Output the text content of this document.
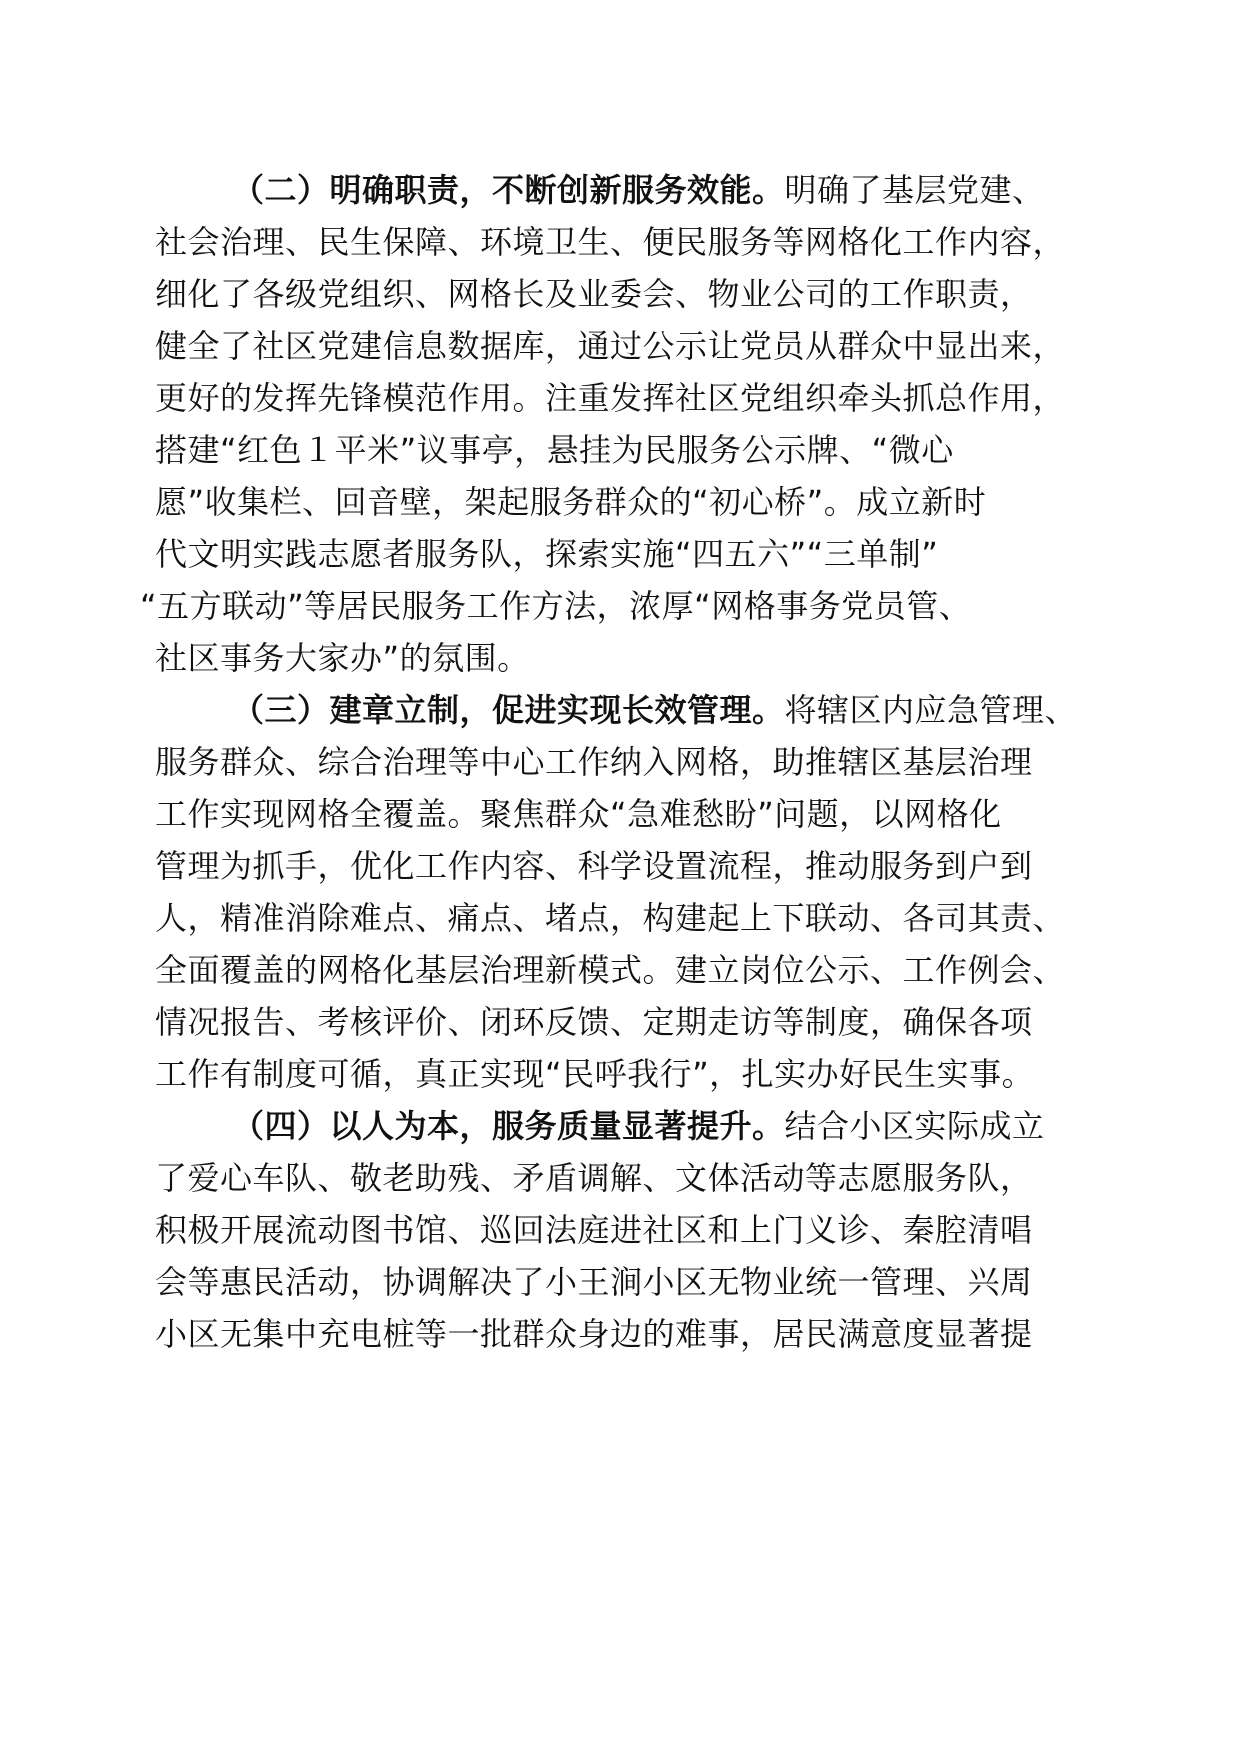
（二）明确职责，不断创新服务效能。明确了基层党建、
社会治理、民生保障、环境卫生、便民服务等网格化工作内容，
细化了各级党组织、网格长及业委会、物业公司的工作职责，
健全了社区党建信息数据库，通过公示让党员从群众中显出来，
更好的发挥先锋模范作用。注重发挥社区党组织牵头抓总作用，
搭建“红色１平米”议事亭，悬挂为民服务公示牌、“微心
愿”收集栏、回音壁，架起服务群众的“初心桥”。成立新时
代文明实践志愿者服务队，探索实施“四五六”“三单制”
“五方联动”等居民服务工作方法，浓厚“网格事务党员管、
社区事务大家办”的氛围。
（三）建章立制，促进实现长效管理。将辖区内应急管理、
服务群众、综合治理等中心工作纳入网格，助推辖区基层治理
工作实现网格全覆盖。聚焦群众“急难愁盼”问题，以网格化
管理为抓手，优化工作内容、科学设置流程，推动服务到户到
人，精准消除难点、痛点、堵点，构建起上下联动、各司其责、
全面覆盖的网格化基层治理新模式。建立岗位公示、工作例会、
情况报告、考核评价、闭环反馈、定期走访等制度，确保各项
工作有制度可循，真正实现“民呼我行”，扎实办好民生实事。
（四）以人为本，服务质量显著提升。结合小区实际成立
了爱心车队、敬老助残、矛盾调解、文体活动等志愿服务队，
积极开展流动图书馆、巡回法庭进社区和上门义诊、秦腔清唱
会等惠民活动，协调解决了小王涧小区无物业统一管理、兴周
小区无集中充电桩等一批群众身边的难事，居民满意度显著提
